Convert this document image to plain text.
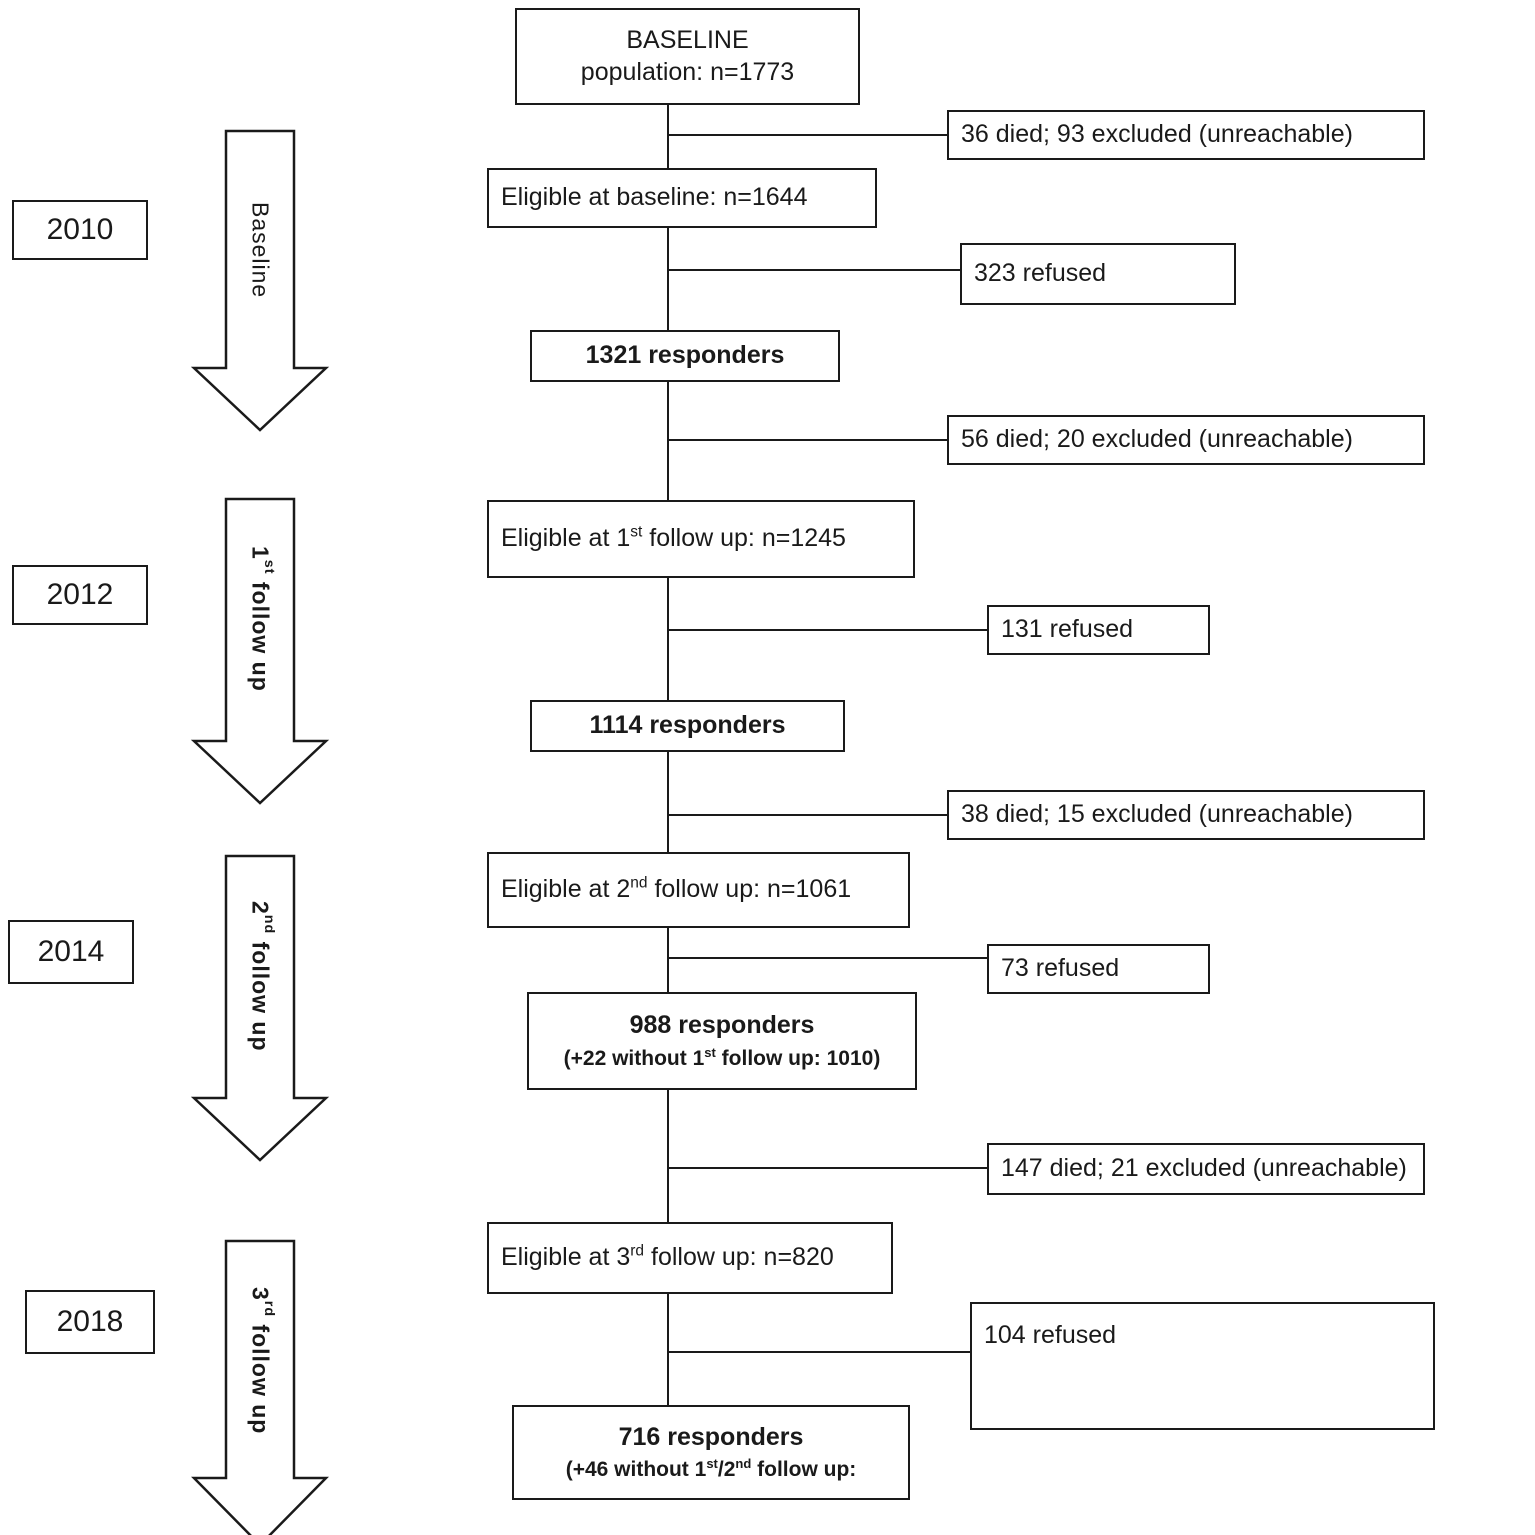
Baseline
1st follow up
2nd follow up
3rd follow up
2010
2012
2014
2018
BASELINE
population: n=1773
36 died; 93 excluded (unreachable)
Eligible at baseline: n=1644
323 refused
1321 responders
56 died; 20 excluded (unreachable)
Eligible at 1st follow up: n=1245
131 refused
1114 responders
38 died; 15 excluded (unreachable)
Eligible at 2nd follow up: n=1061
73 refused
988 responders
(+22 without 1st follow up: 1010)
147 died; 21 excluded (unreachable)
Eligible at 3rd follow up: n=820
104 refused
716 responders
(+46 without 1st/2nd follow up:
